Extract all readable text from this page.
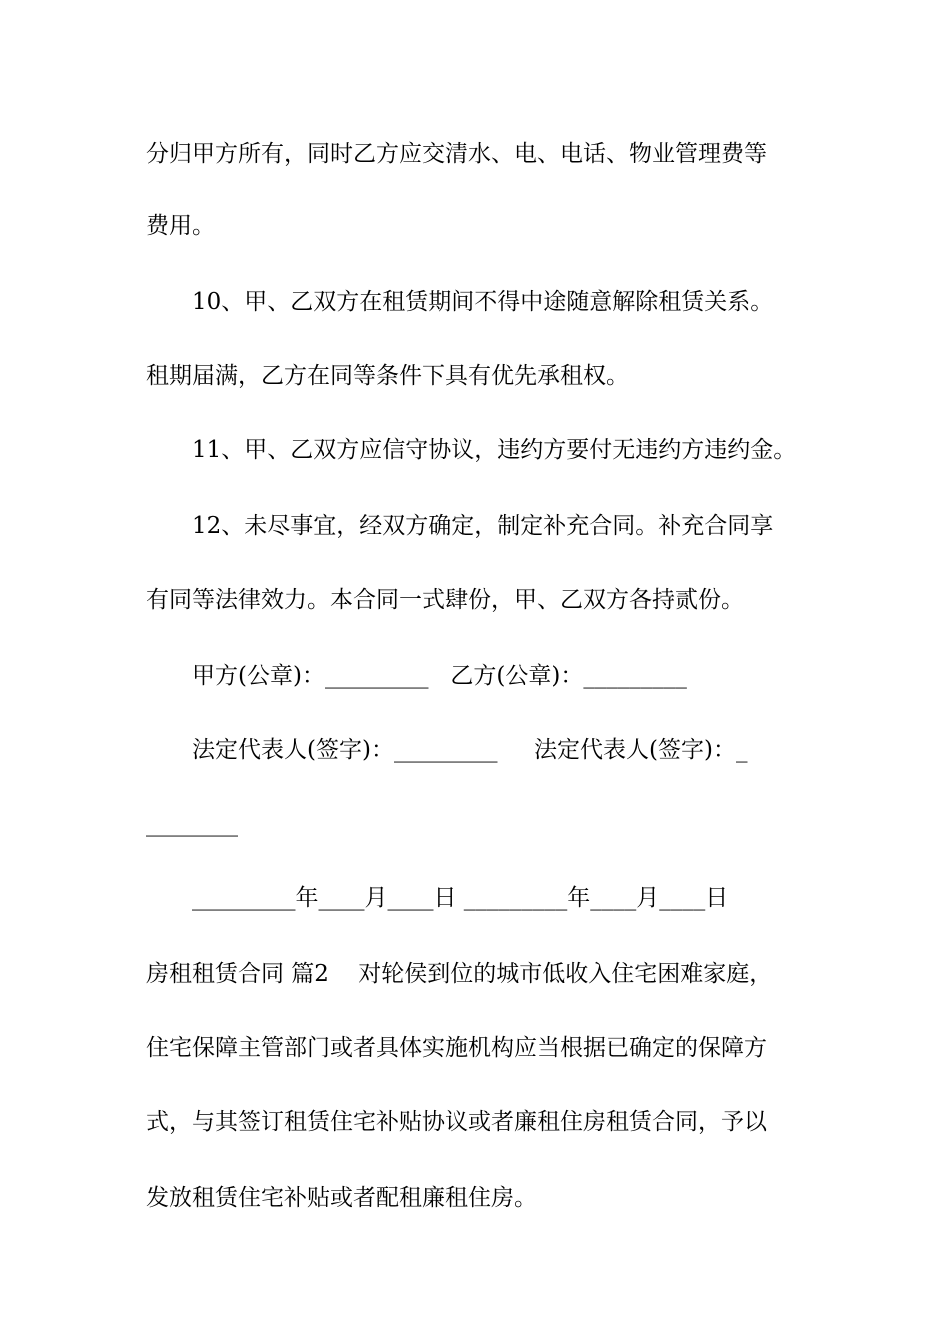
分归甲方所有，同时乙方应交清水、电、电话、物业管理费等
费用。
10、甲、乙双方在租赁期间不得中途随意解除租赁关系。
租期届满，乙方在同等条件下具有优先承租权。
11、甲、乙双方应信守协议，违约方要付无违约方违约金。
12、未尽事宜，经双方确定，制定补充合同。补充合同享
有同等法律效力。本合同一式肆份，甲、乙双方各持贰份。
甲方(公章)：_________   乙方(公章)：_________
法定代表人(签字)：_________     法定代表人(签字)：_
________
_________年____月____日 _________年____月____日
房租租赁合同 篇2    对轮侯到位的城市低收入住宅困难家庭，
住宅保障主管部门或者具体实施机构应当根据已确定的保障方
式，与其签订租赁住宅补贴协议或者廉租住房租赁合同，予以
发放租赁住宅补贴或者配租廉租住房。
